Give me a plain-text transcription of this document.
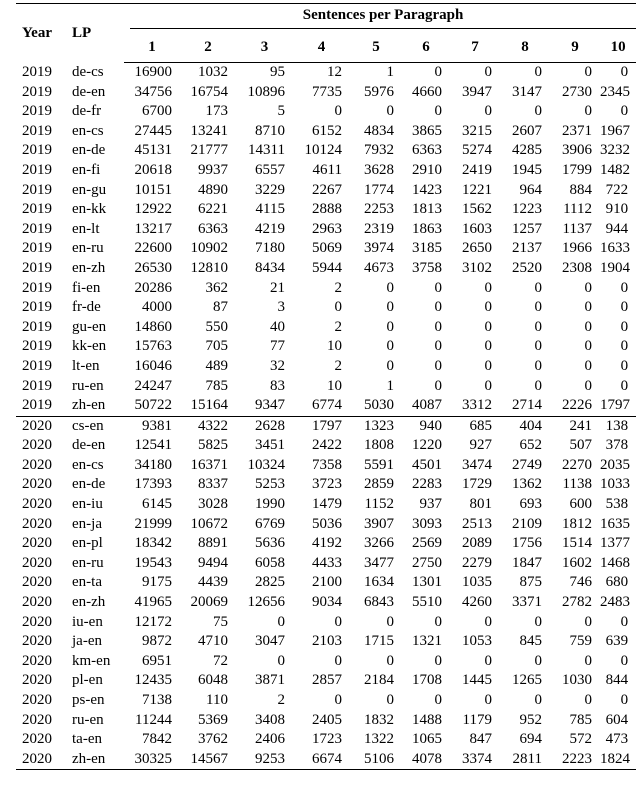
Year	LP	Sentences per Paragraph									

		1	2	3	4	5	6	7	8	9	10
2019	de-cs	16900	1032	95	12	1	0	0	0	0	0
2019	de-en	34756	16754	10896	7735	5976	4660	3947	3147	2730	2345
2019	de-fr	6700	173	5	0	0	0	0	0	0	0
2019	en-cs	27445	13241	8710	6152	4834	3865	3215	2607	2371	1967
2019	en-de	45131	21777	14311	10124	7932	6363	5274	4285	3906	3232
2019	en-fi	20618	9937	6557	4611	3628	2910	2419	1945	1799	1482
2019	en-gu	10151	4890	3229	2267	1774	1423	1221	964	884	722
2019	en-kk	12922	6221	4115	2888	2253	1813	1562	1223	1112	910
2019	en-lt	13217	6363	4219	2963	2319	1863	1603	1257	1137	944
2019	en-ru	22600	10902	7180	5069	3974	3185	2650	2137	1966	1633
2019	en-zh	26530	12810	8434	5944	4673	3758	3102	2520	2308	1904
2019	fi-en	20286	362	21	2	0	0	0	0	0	0
2019	fr-de	4000	87	3	0	0	0	0	0	0	0
2019	gu-en	14860	550	40	2	0	0	0	0	0	0
2019	kk-en	15763	705	77	10	0	0	0	0	0	0
2019	lt-en	16046	489	32	2	0	0	0	0	0	0
2019	ru-en	24247	785	83	10	1	0	0	0	0	0
2019	zh-en	50722	15164	9347	6774	5030	4087	3312	2714	2226	1797
2020	cs-en	9381	4322	2628	1797	1323	940	685	404	241	138
2020	de-en	12541	5825	3451	2422	1808	1220	927	652	507	378
2020	en-cs	34180	16371	10324	7358	5591	4501	3474	2749	2270	2035
2020	en-de	17393	8337	5253	3723	2859	2283	1729	1362	1138	1033
2020	en-iu	6145	3028	1990	1479	1152	937	801	693	600	538
2020	en-ja	21999	10672	6769	5036	3907	3093	2513	2109	1812	1635
2020	en-pl	18342	8891	5636	4192	3266	2569	2089	1756	1514	1377
2020	en-ru	19543	9494	6058	4433	3477	2750	2279	1847	1602	1468
2020	en-ta	9175	4439	2825	2100	1634	1301	1035	875	746	680
2020	en-zh	41965	20069	12656	9034	6843	5510	4260	3371	2782	2483
2020	iu-en	12172	75	0	0	0	0	0	0	0	0
2020	ja-en	9872	4710	3047	2103	1715	1321	1053	845	759	639
2020	km-en	6951	72	0	0	0	0	0	0	0	0
2020	pl-en	12435	6048	3871	2857	2184	1708	1445	1265	1030	844
2020	ps-en	7138	110	2	0	0	0	0	0	0	0
2020	ru-en	11244	5369	3408	2405	1832	1488	1179	952	785	604
2020	ta-en	7842	3762	2406	1723	1322	1065	847	694	572	473
2020	zh-en	30325	14567	9253	6674	5106	4078	3374	2811	2223	1824
